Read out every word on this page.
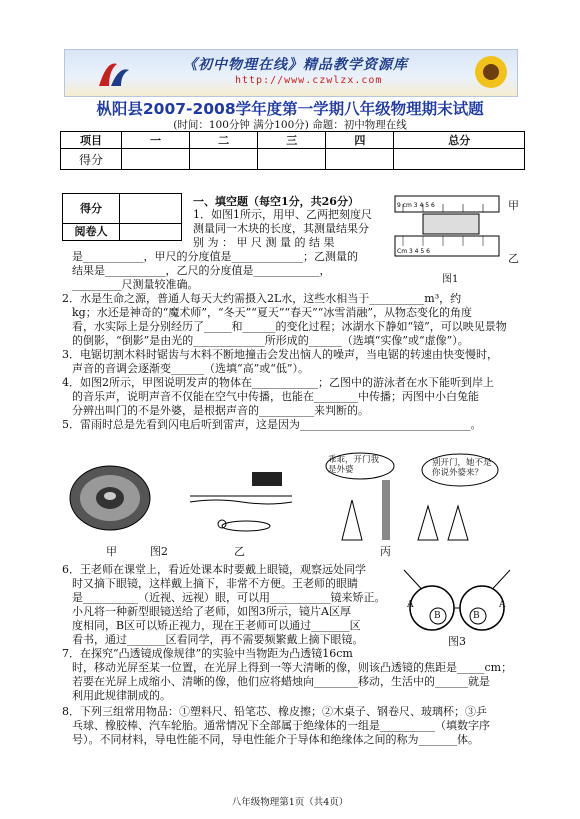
《初中物理在线》精品教学资源库
http://www.czwlzx.com
枞阳县2007-2008学年度第一学期八年级物理期末试题
(时间：100分钟 满分100分) 命题：初中物理在线
项目	一	二	三	四	总分
得分					
得分
阅卷人
一、填空题（每空1分，共26分）
1．如图1所示，用甲、乙两把刻度尺
测量同一木块的长度，其测量结果分
别 为 ： 甲 尺 测 量 的 结 果
是___________，甲尺的分度值是_____________；乙测量的
结果是___________，乙尺的分度值是____________，
_________尺测量较准确。
9 cm 3 4 5 6
Cm 3 4 5 6
甲
乙
图1
2．水是生命之源，普通人每天大约需摄入2L水，这些水相当于__________m³，约
kg；水还是神奇的“魔术师”，“冬天”“夏天”“春天”“冰雪消融”，从物态变化的角度
看，水实际上是分别经历了_____和______的变化过程；冰湖水下静如“镜”，可以映见景物
的倒影，“倒影”是由光的_____________所形成的______（选填“实像”或“虚像”）。
3．电锯切割木料时锯齿与木料不断地撞击会发出恼人的噪声，当电锯的转速由快变慢时，
声音的音调会逐渐变______（选填“高”或“低”）。
4．如图2所示，甲图说明发声的物体在____________；乙图中的游泳者在水下能听到岸上
的音乐声，说明声音不仅能在空气中传播，也能在________中传播；丙图中小白兔能
分辨出叫门的不是外婆，是根据声音的__________来判断的。
5．雷雨时总是先看到闪电后听到雷声，这是因为_______________________________。
乖乖，开门我是外婆
别开门，她不是你说外婆来？
甲	图2	乙	丙
6．王老师在课堂上，看近处课本时要戴上眼镜，观察远处同学
时又摘下眼镜，这样戴上摘下，非常不方便。王老师的眼睛
是__________（近视、远视）眼，可以用___________镜来矫正。
小凡将一种新型眼镜送给了老师，如图3所示，镜片A区厚
度相同，B区可以矫正视力，现在王老师可以通过_______区
看书，通过_______区看同学，再不需要频繁戴上摘下眼镜。
A
B	B
A
图3
7．在探究“凸透镜成像规律”的实验中当物距为凸透镜16cm
时，移动光屏至某一位置，在光屏上得到一等大清晰的像，则该凸透镜的焦距是_____cm；
若要在光屏上成缩小、清晰的像，他们应将蜡烛向________移动，生活中的______就是
利用此规律制成的。
8．下列三组常用物品：①塑料尺、铅笔芯、橡皮擦；②木桌子、钢卷尺、玻璃杯；③乒
乓球、橡胶棒、汽车轮胎。通常情况下全部属于绝缘体的一组是__________（填数字序
号）。不同材料，导电性能不同，导电性能介于导体和绝缘体之间的称为_______体。
八年级物理第1页（共4页）
